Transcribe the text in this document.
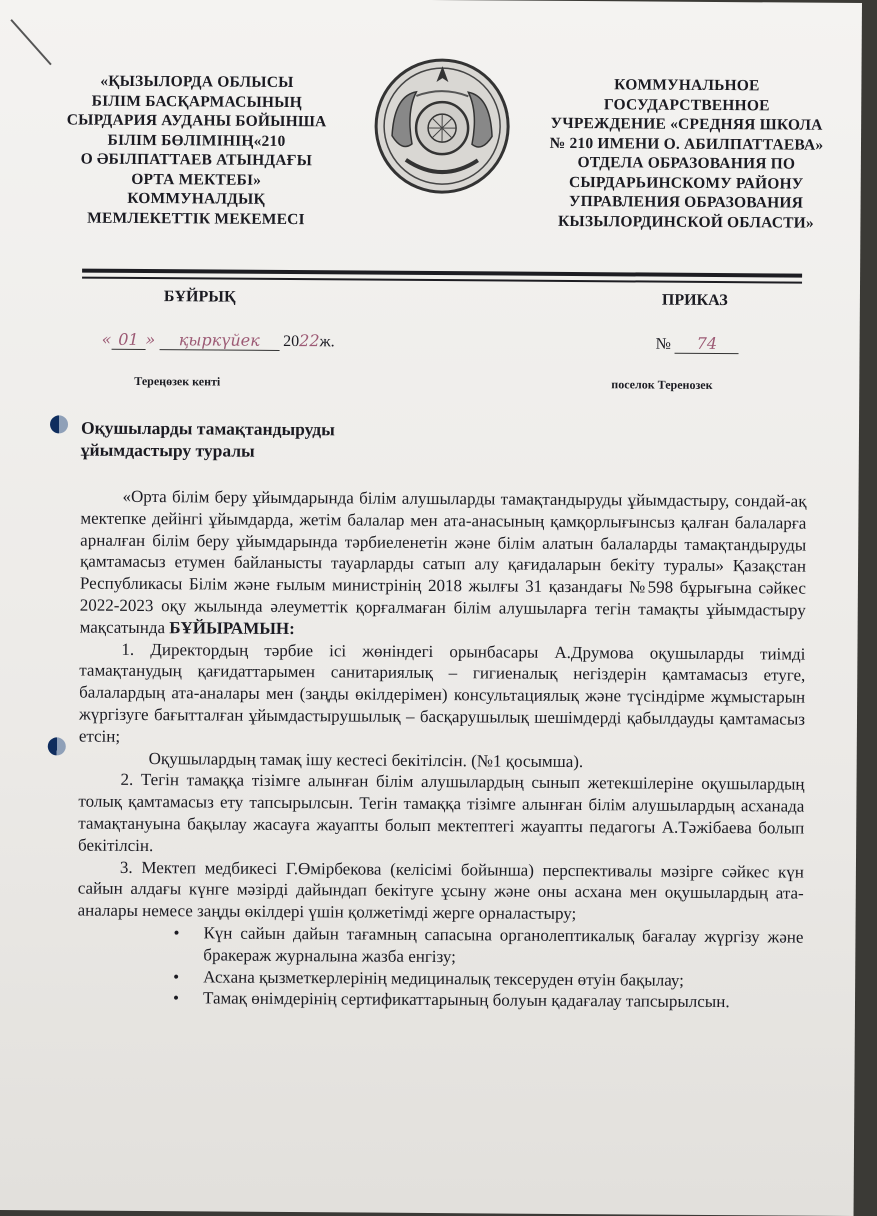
«ҚЫЗЫЛОРДА ОБЛЫСЫ
БІЛІМ БАСҚАРМАСЫНЫҢ
СЫРДАРИЯ АУДАНЫ БОЙЫНША
БІЛІМ БӨЛІМІНІҢ«210
О ӘБІЛПАТТАЕВ АТЫНДАҒЫ
ОРТА МЕКТЕБІ»
КОММУНАЛДЫҚ
МЕМЛЕКЕТТІК МЕКЕМЕСІ
КОММУНАЛЬНОЕ
ГОСУДАРСТВЕННОЕ
УЧРЕЖДЕНИЕ «СРЕДНЯЯ ШКОЛА
№ 210 ИМЕНИ О. АБИЛПАТТАЕВА»
ОТДЕЛА ОБРАЗОВАНИЯ ПО
СЫРДАРЬИНСКОМУ РАЙОНУ
УПРАВЛЕНИЯ ОБРАЗОВАНИЯ
КЫЗЫЛОРДИНСКОЙ ОБЛАСТИ»
БҰЙРЫҚ	ПРИКАЗ
« 01 » қыркүйек 2022ж.	№ 74
Тереңөзек кенті	поселок Теренозек
Оқушыларды тамақтандыруды
ұйымдастыру туралы

«Орта білім беру ұйымдарында білім алушыларды тамақтандыруды ұйымдастыру, сондай-ақ мектепке дейінгі ұйымдарда, жетім балалар мен ата-анасының қамқорлығынсыз қалған балаларға арналған білім беру ұйымдарында тәрбиеленетін және білім алатын балаларды тамақтандыруды қамтамасыз етумен байланысты тауарларды сатып алу қағидаларын бекіту туралы» Қазақстан Республикасы Білім және ғылым министрінің 2018 жылғы 31 қазандағы №598 бұрығына сәйкес 2022-2023 оқу жылында әлеуметтік қорғалмаған білім алушыларға тегін тамақты ұйымдастыру мақсатында БҰЙЫРАМЫН:

1. Директордың тәрбие ісі жөніндегі орынбасары А.Друмова оқушыларды тиімді тамақтанудың қағидаттарымен санитариялық – гигиеналық негіздерін қамтамасыз етуге, балалардың ата-аналары мен (заңды өкілдерімен) консультациялық және түсіндірме жұмыстарын жүргізуге бағытталған ұйымдастырушылық – басқарушылық шешімдерді қабылдауды қамтамасыз етсін;

Оқушылардың тамақ ішу кестесі бекітілсін. (№1 қосымша).

2. Тегін тамаққа тізімге алынған білім алушылардың сынып жетекшілеріне оқушылардың толық қамтамасыз ету тапсырылсын. Тегін тамаққа тізімге алынған білім алушылардың асханада тамақтануына бақылау жасауға жауапты болып мектептегі жауапты педагогы А.Тәжібаева болып бекітілсін.

3. Мектеп медбикесі Г.Өмірбекова (келісімі бойынша) перспективалы мәзірге сәйкес күн сайын алдағы күнге мәзірді дайындап бекітуге ұсыну және оны асхана мен оқушылардың ата-аналары немесе заңды өкілдері үшін қолжетімді жерге орналастыру;

• Күн сайын дайын тағамның сапасына органолептикалық бағалау жүргізу және бракераж журналына жазба енгізу;
• Асхана қызметкерлерінің медициналық тексеруден өтуін бақылау;
• Тамақ өнімдерінің сертификаттарының болуын қадағалау тапсырылсын.
